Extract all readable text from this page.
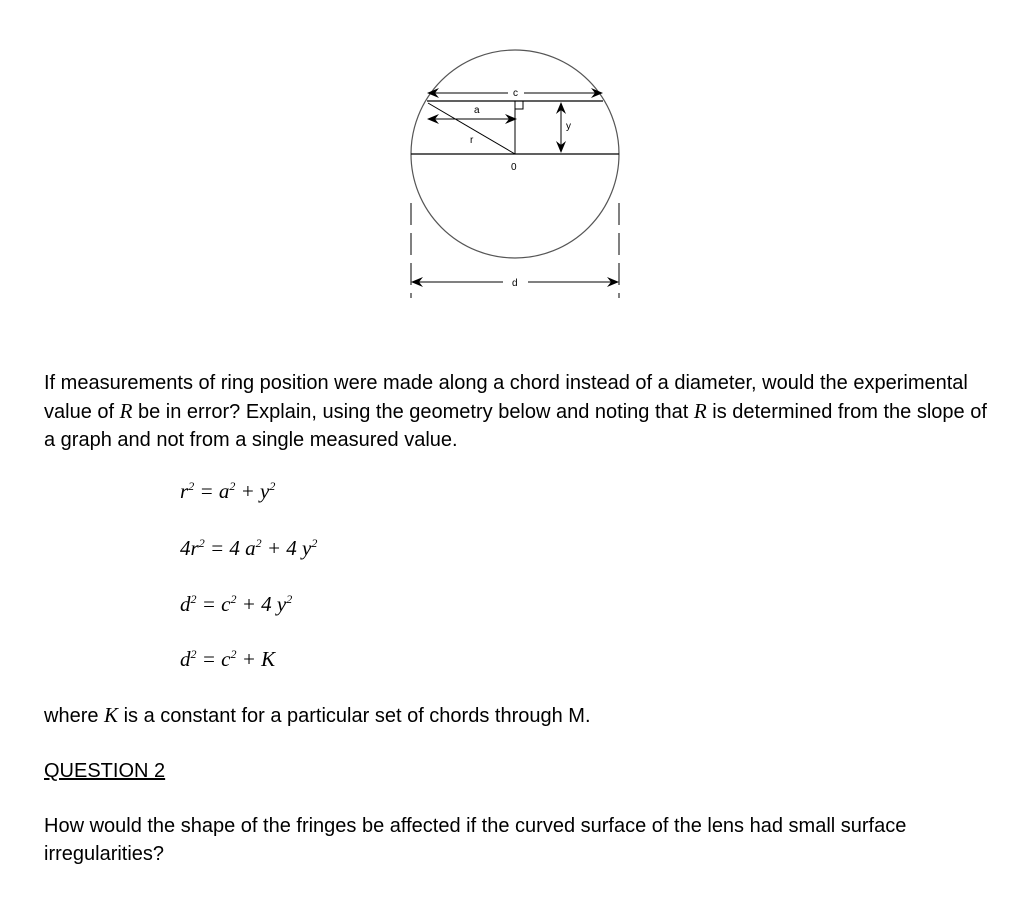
c
a
r
y
0
d

If measurements of ring position were made along a chord instead of a diameter, would the experimental value of R be in error? Explain, using the geometry below and noting that R is determined from the slope of a graph and not from a single measured value.

$r^2 = a^2 + y^2$

$4r^2 = 4$ $a^2 + 4$ $y^2$

$d^2 = c^2 + 4$ $y^2$

$d^2 = c^2 + K$

where K is a constant for a particular set of chords through M.

QUESTION 2

How would the shape of the fringes be affected if the curved surface of the lens had small surface irregularities?
